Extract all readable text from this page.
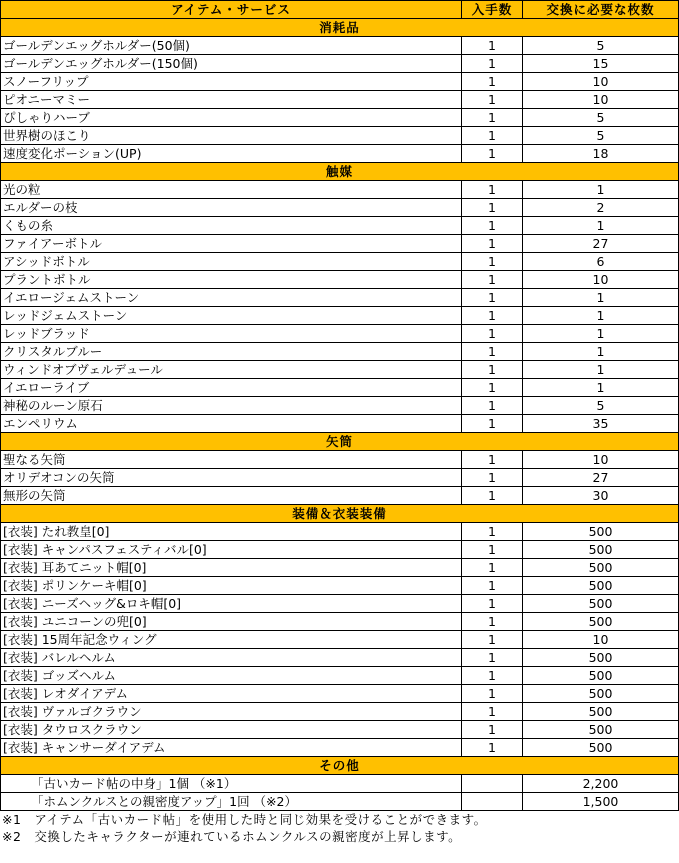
アイテム・サービス	入手数	交換に必要な枚数
消耗品		
ゴールデンエッグホルダー(50個)	1	5
ゴールデンエッグホルダー(150個)	1	15
スノーフリップ	1	10
ピオニーマミー	1	10
ぴしゃりハーブ	1	5
世界樹のほこり	1	5
速度変化ポーション(UP)	1	18
触媒		
光の粒	1	1
エルダーの枝	1	2
くもの糸	1	1
ファイアーボトル	1	27
アシッドボトル	1	6
プラントボトル	1	10
イエロージェムストーン	1	1
レッドジェムストーン	1	1
レッドブラッド	1	1
クリスタルブルー	1	1
ウィンドオブヴェルデュール	1	1
イエローライブ	1	1
神秘のルーン原石	1	5
エンペリウム	1	35
矢筒		
聖なる矢筒	1	10
オリデオコンの矢筒	1	27
無形の矢筒	1	30
装備＆衣装装備		
[衣装] たれ教皇[0]	1	500
[衣装] キャンパスフェスティバル[0]	1	500
[衣装] 耳あてニット帽[0]	1	500
[衣装] ポリンケーキ帽[0]	1	500
[衣装] ニーズヘッグ&ロキ帽[0]	1	500
[衣装] ユニコーンの兜[0]	1	500
[衣装] 15周年記念ウィング	1	10
[衣装] バレルヘルム	1	500
[衣装] ゴッズヘルム	1	500
[衣装] レオダイアデム	1	500
[衣装] ヴァルゴクラウン	1	500
[衣装] タウロスクラウン	1	500
[衣装] キャンサーダイアデム	1	500
その他		
「古いカード帖の中身」1個 （※1）		2,200
「ホムンクルスとの親密度アップ」1回 （※2）		1,500
※1　アイテム「古いカード帖」を使用した時と同じ効果を受けることができます。
※2　交換したキャラクターが連れているホムンクルスの親密度が上昇します。
